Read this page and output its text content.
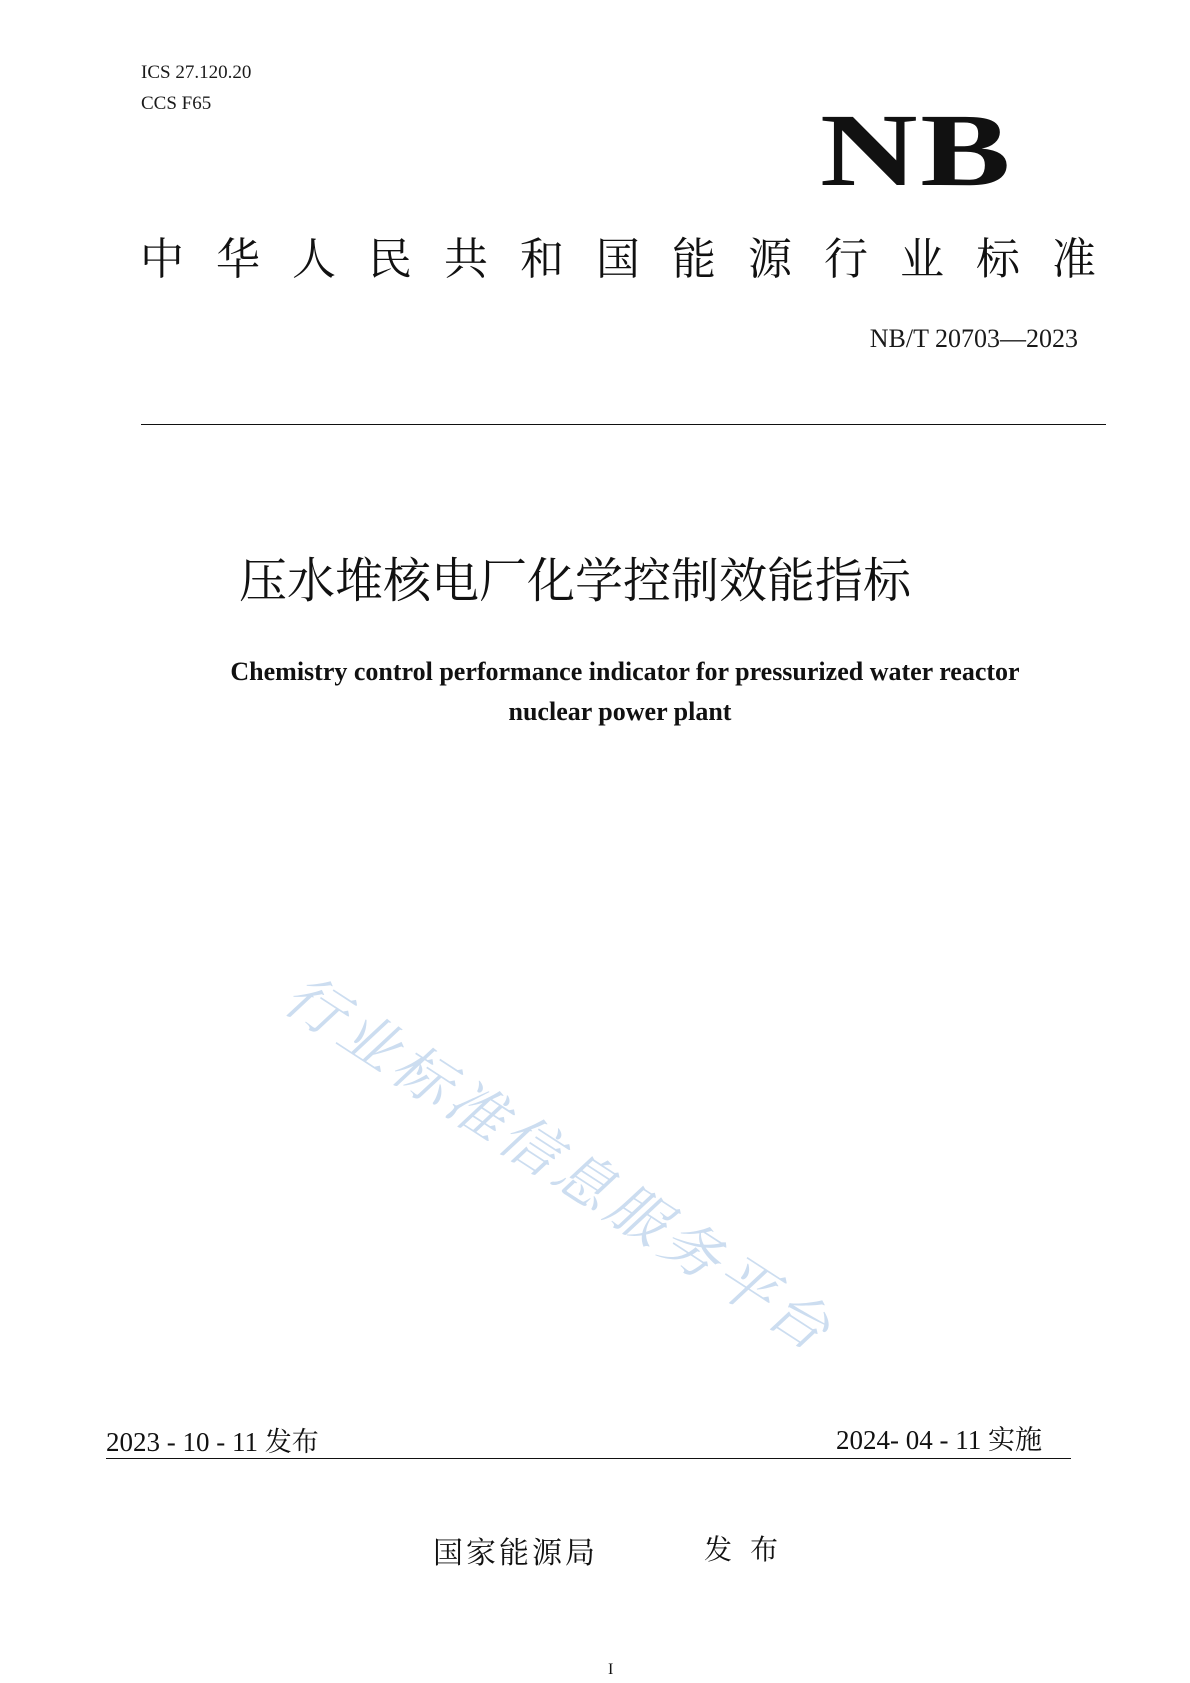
ICS 27.120.20
CCS F65	NB
中华人民共和国能源行业标准
NB/T 20703—2023
压水堆核电厂化学控制效能指标
Chemistry control performance indicator for pressurized water reactor
nuclear power plant
行业标准信息服务平台
2023 - 10 - 11 发布	2024- 04 - 11 实施
国家能源局	发布
I
